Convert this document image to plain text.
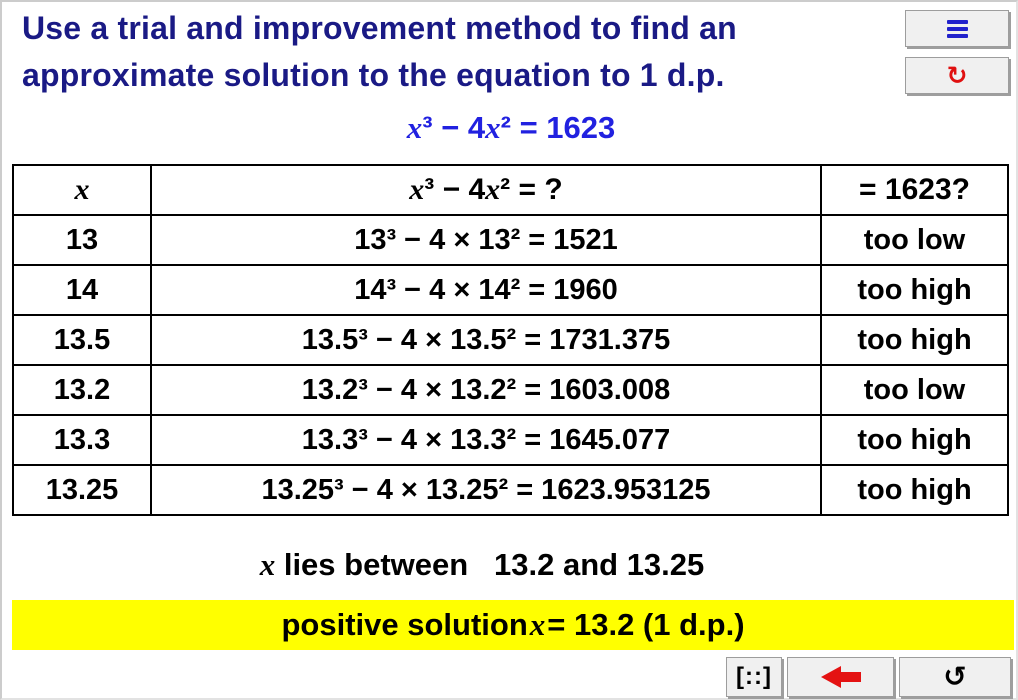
Use a trial and improvement method to find an
approximate solution to the equation to 1 d.p.	↻
x³ − 4x² = 1623
x	x³ − 4x² = ?	= 1623?
13	13³ − 4 × 13² = 1521	too low
14	14³ − 4 × 14² = 1960	too high
13.5	13.5³ − 4 × 13.5² = 1731.375	too high
13.2	13.2³ − 4 × 13.2² = 1603.008	too low
13.3	13.3³ − 4 × 13.3² = 1645.077	too high
13.25	13.25³ − 4 × 13.25² = 1623.953125	too high
x lies between   13.2 and 13.25
positive solution x = 13.2 (1 d.p.)
[::]	↺
